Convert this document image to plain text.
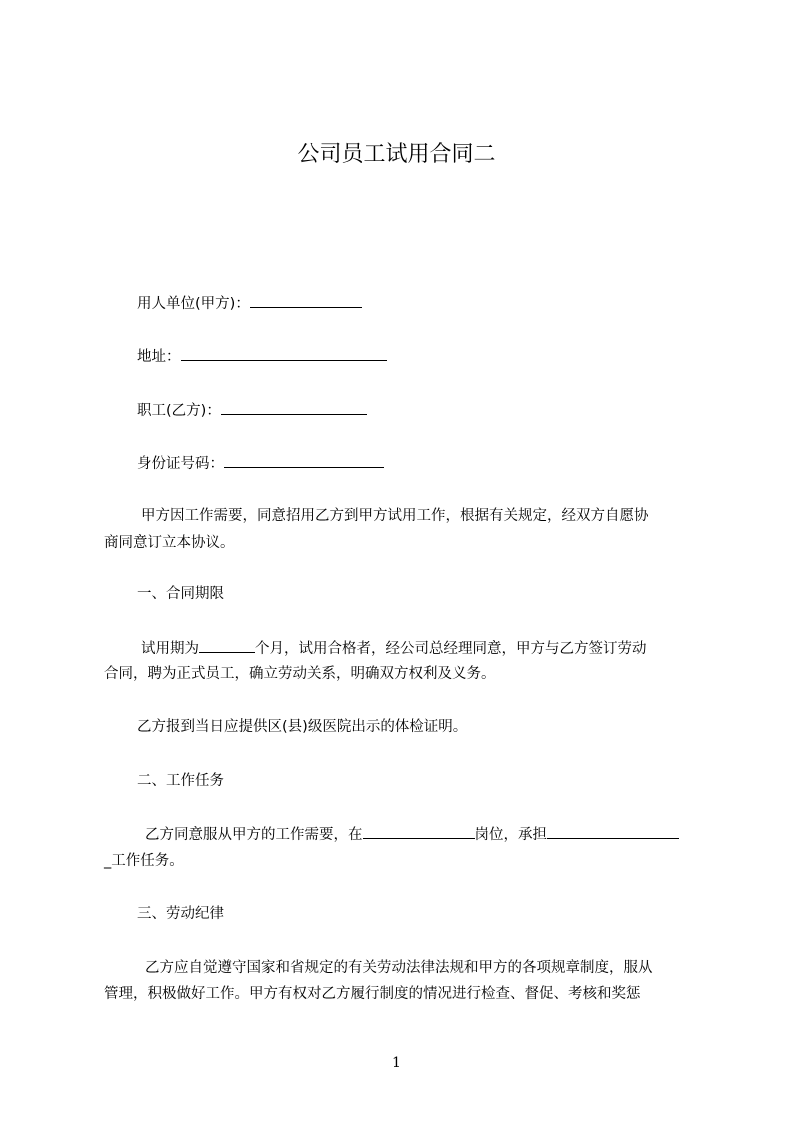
公司员工试用合同二
用人单位(甲方)：
地址：
职工(乙方)：
身份证号码：
甲方因工作需要，同意招用乙方到甲方试用工作，根据有关规定，经双方自愿协
商同意订立本协议。
一、合同期限
试用期为	个月，试用合格者，经公司总经理同意，甲方与乙方签订劳动
合同，聘为正式员工，确立劳动关系，明确双方权利及义务。
乙方报到当日应提供区(县)级医院出示的体检证明。
二、工作任务
乙方同意服从甲方的工作需要，在	岗位，承担
_工作任务。
三、劳动纪律
乙方应自觉遵守国家和省规定的有关劳动法律法规和甲方的各项规章制度，服从
管理，积极做好工作。甲方有权对乙方履行制度的情况进行检查、督促、考核和奖惩
1
